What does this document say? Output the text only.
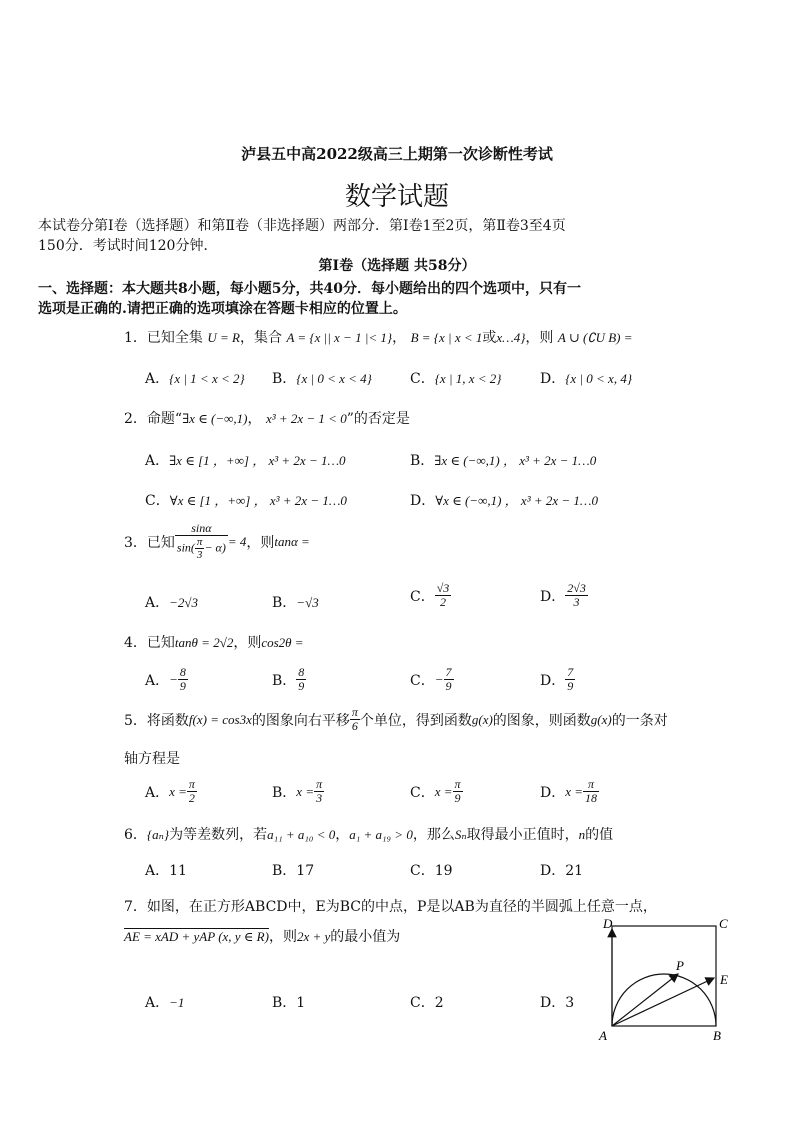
泸县五中高2022级高三上期第一次诊断性考试
数学试题
本试卷分第Ⅰ卷（选择题）和第Ⅱ卷（非选择题）两部分．第Ⅰ卷1至2页，第Ⅱ卷3至4页
150分．考试时间120分钟．
第Ⅰ卷（选择题 共58分）
一、选择题：本大题共8小题，每小题5分，共40分．每小题给出的四个选项中，只有一
选项是正确的.请把正确的选项填涂在答题卡相应的位置上。
1．已知全集 U = R，集合 A = {x || x − 1 |< 1}， B = {x | x < 1或x…4}，则 A ∪ (∁U B) =
A．{x | 1 < x < 2} B．{x | 0 < x < 4}	C．{x | 1, x < 2}	D．{x | 0 < x, 4}
2．命题“∃x ∈ (−∞,1)， x³ + 2x − 1 < 0”的否定是
A．∃x ∈ [1 ，+∞] ， x³ + 2x − 1…0	B．∃x ∈ (−∞,1) ， x³ + 2x − 1…0
C．∀x ∈ [1 ，+∞] ， x³ + 2x − 1…0	D．∀x ∈ (−∞,1) ， x³ + 2x − 1…0
3． 已知 $\frac{\sin\alpha}{\sin( \frac{\pi}{3} - \alpha)} = 4$ ，则 tanα =
A．−2√3	B．−√3	C． $\frac{√3}{2}$	D． $\frac{2√3}{3}$
4．已知tanθ = 2√2，则cos2θ =
A． − $\frac{8}{9}$	B． $\frac{8}{9}$	C． − $\frac{7}{9}$	D． $\frac{7}{9}$
5． 将函数 f(x) = cos3x 的图象向右平移 $\frac{\pi}{6}$ 个单位，得到函数 g(x) 的图象，则函数 g(x) 的一条对
轴方程是
A． $x = \frac{\pi}{2}$	B． $x = \frac{\pi}{3}$	C． $x = \frac{\pi}{9}$	D． $x = \frac{\pi}{18}$
6．{aₙ}为等差数列，若a₁₁ + a₁₀ < 0，a₁ + a₁₉ > 0，那么Sₙ取得最小正值时，n的值
A．11	B．17	C．19	D．21
7．如图，在正方形ABCD中，E为BC的中点，P是以AB为直径的半圆弧上任意一点，
AE = xAD + yAP (x, y ∈ R)，则2x + y的最小值为
A．−1	B．1	C．2	D．3
A	B
C
D
E
P
